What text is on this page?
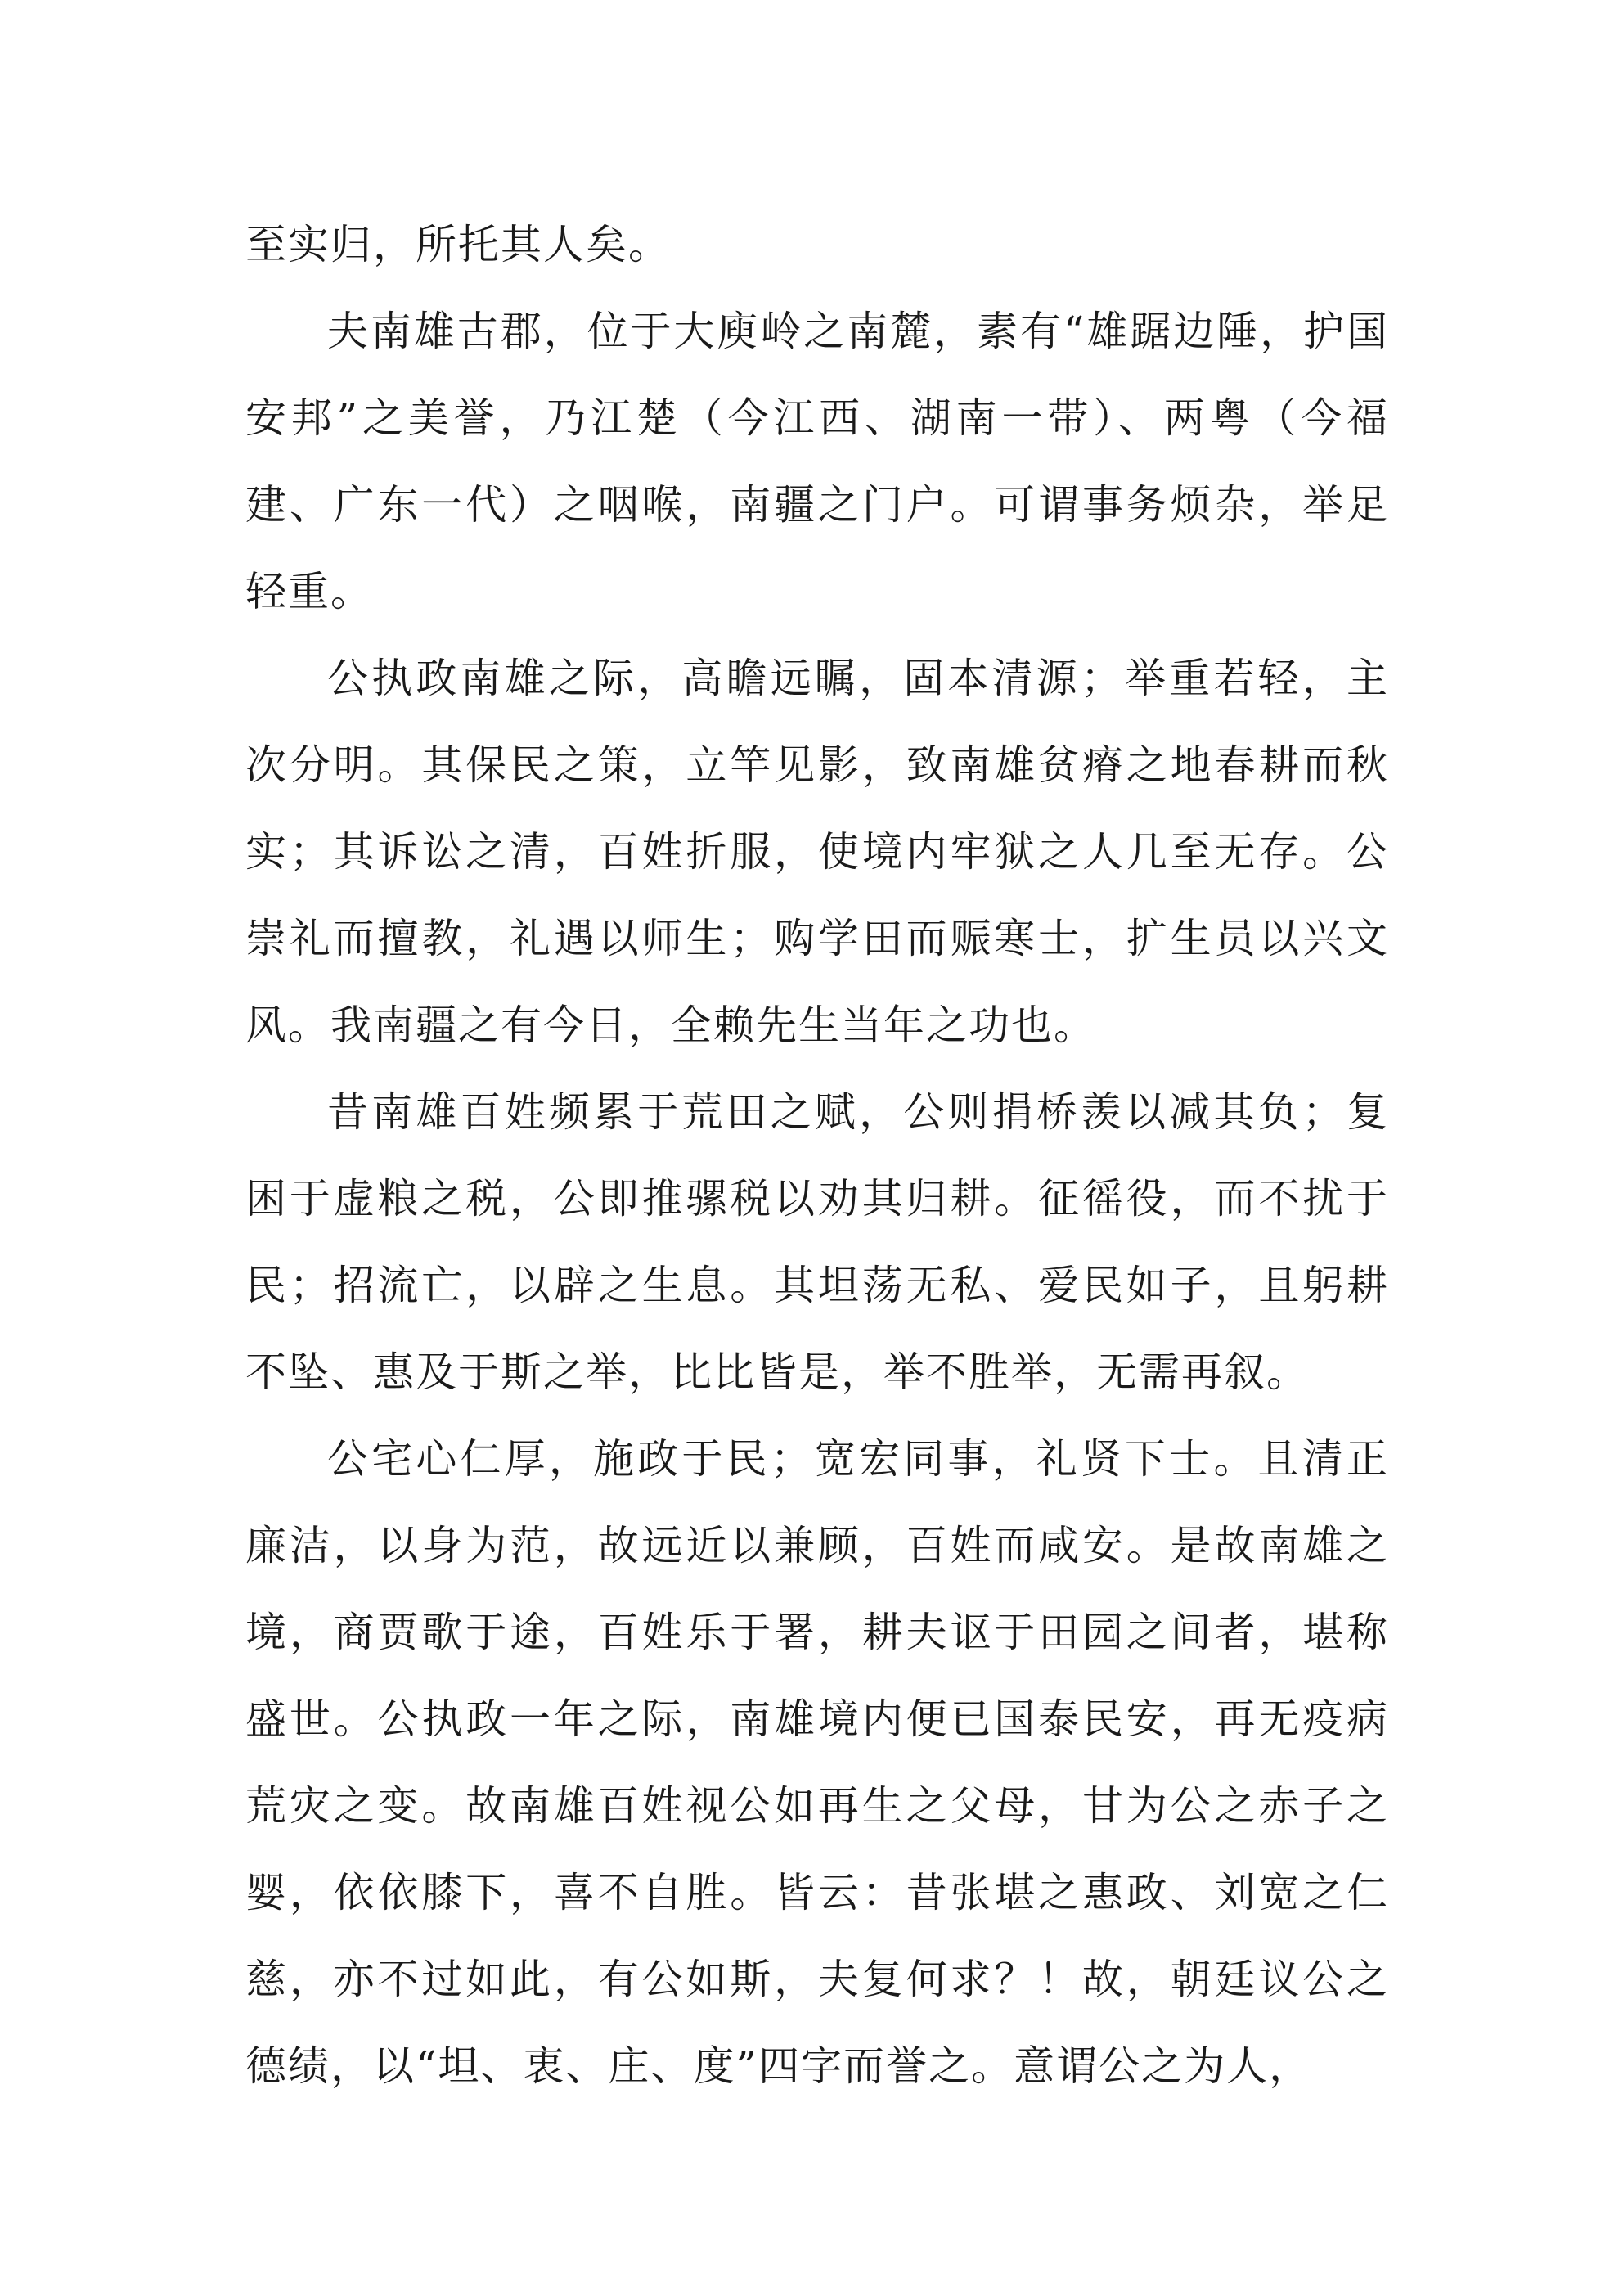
至实归，所托其人矣。

夫南雄古郡，位于大庾岭之南麓，素有“雄踞边陲，护国安邦”之美誉，乃江楚（今江西、湖南一带）、两粤（今福建、广东一代）之咽喉，南疆之门户。可谓事务烦杂，举足轻重。

公执政南雄之际，高瞻远瞩，固本清源；举重若轻，主次分明。其保民之策，立竿见影，致南雄贫瘠之地春耕而秋实；其诉讼之清，百姓折服，使境内牢狱之人几至无存。公崇礼而擅教，礼遇以师生；购学田而赈寒士，扩生员以兴文风。我南疆之有今日，全赖先生当年之功也。

昔南雄百姓频累于荒田之赋，公则捐桥羡以减其负；复困于虚粮之税，公即推骡税以劝其归耕。征徭役，而不扰于民；招流亡，以辟之生息。其坦荡无私、爱民如子，且躬耕不坠、惠及于斯之举，比比皆是，举不胜举，无需再叙。

公宅心仁厚，施政于民；宽宏同事，礼贤下士。且清正廉洁，以身为范，故远近以兼顾，百姓而咸安。是故南雄之境，商贾歌于途，百姓乐于署，耕夫讴于田园之间者，堪称盛世。公执政一年之际，南雄境内便已国泰民安，再无疫病荒灾之变。故南雄百姓视公如再生之父母，甘为公之赤子之婴，依依膝下，喜不自胜。皆云：昔张堪之惠政、刘宽之仁慈，亦不过如此，有公如斯，夫复何求？！故，朝廷议公之德绩，以“坦、衷、庄、度”四字而誉之。意谓公之为人，
